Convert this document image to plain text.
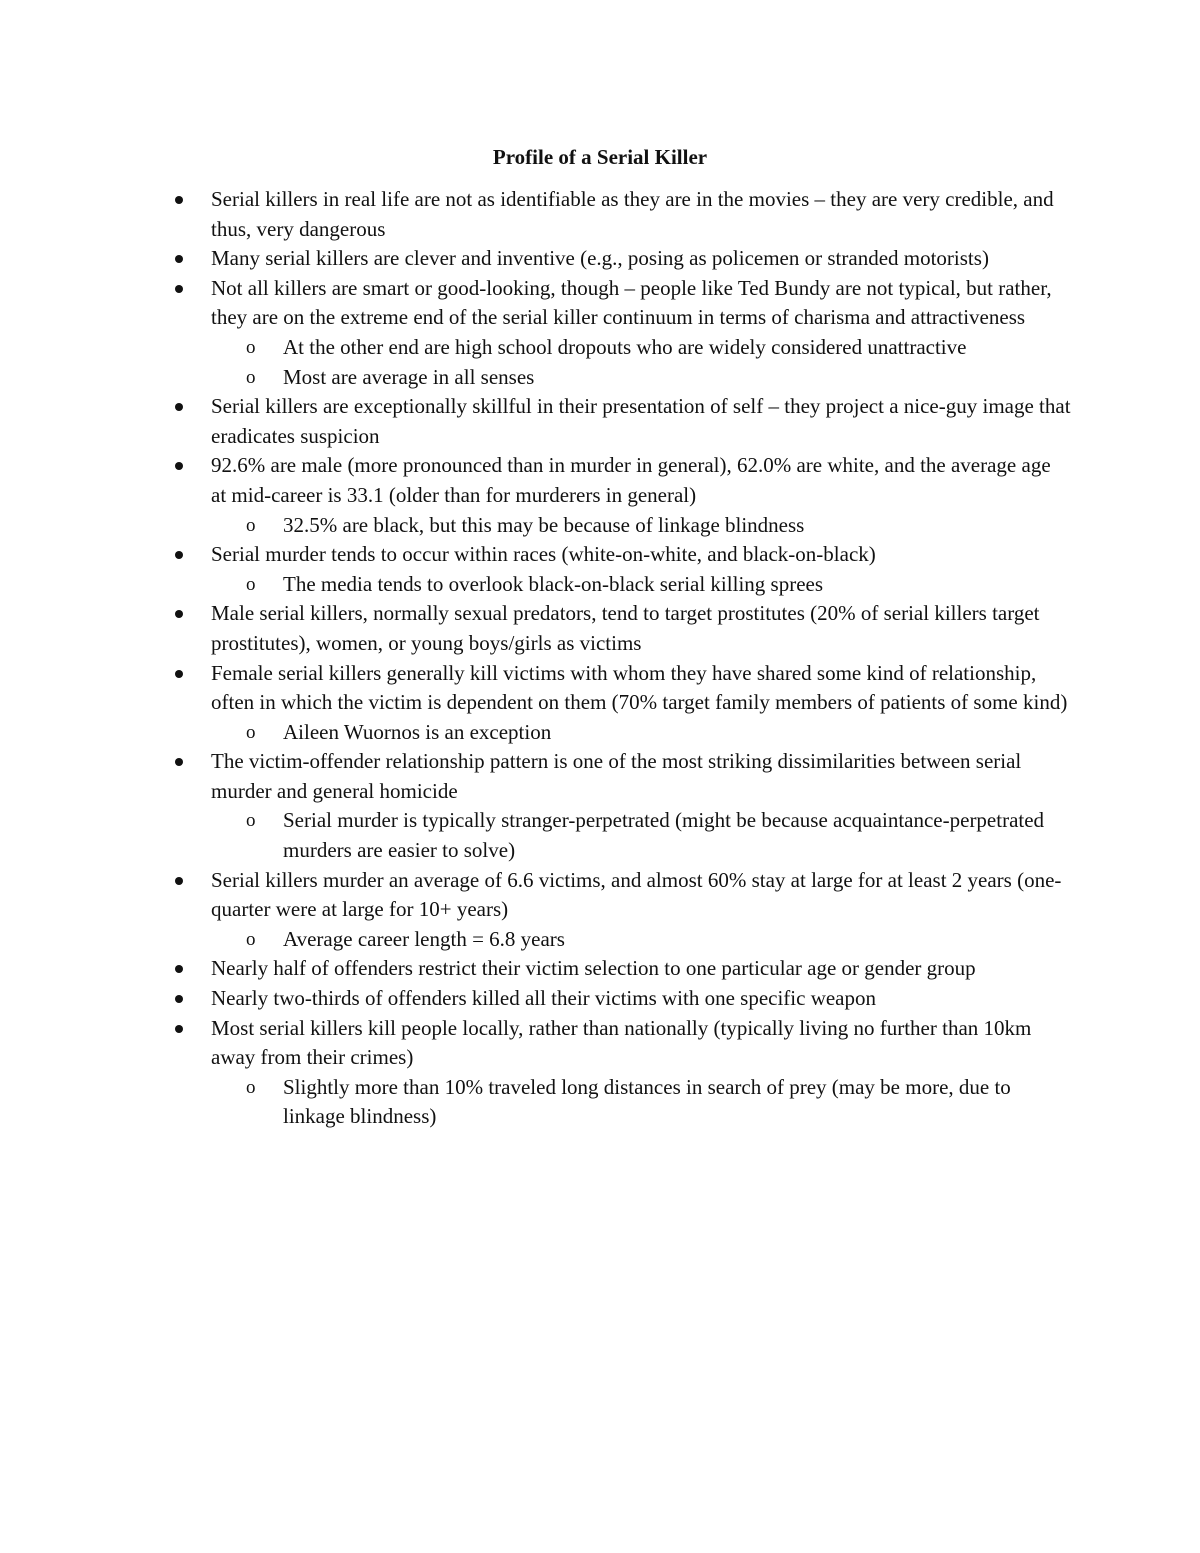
Profile of a Serial Killer
Serial killers in real life are not as identifiable as they are in the movies – they are very credible, and thus, very dangerous
Many serial killers are clever and inventive (e.g., posing as policemen or stranded motorists)
Not all killers are smart or good-looking, though – people like Ted Bundy are not typical, but rather, they are on the extreme end of the serial killer continuum in terms of charisma and attractiveness
o At the other end are high school dropouts who are widely considered unattractive
o Most are average in all senses
Serial killers are exceptionally skillful in their presentation of self – they project a nice-guy image that eradicates suspicion
92.6% are male (more pronounced than in murder in general), 62.0% are white, and the average age at mid-career is 33.1 (older than for murderers in general)
o 32.5% are black, but this may be because of linkage blindness
Serial murder tends to occur within races (white-on-white, and black-on-black)
o The media tends to overlook black-on-black serial killing sprees
Male serial killers, normally sexual predators, tend to target prostitutes (20% of serial killers target prostitutes), women, or young boys/girls as victims
Female serial killers generally kill victims with whom they have shared some kind of relationship, often in which the victim is dependent on them (70% target family members of patients of some kind)
o Aileen Wuornos is an exception
The victim-offender relationship pattern is one of the most striking dissimilarities between serial murder and general homicide
o Serial murder is typically stranger-perpetrated (might be because acquaintance-perpetrated murders are easier to solve)
Serial killers murder an average of 6.6 victims, and almost 60% stay at large for at least 2 years (one-quarter were at large for 10+ years)
o Average career length = 6.8 years
Nearly half of offenders restrict their victim selection to one particular age or gender group
Nearly two-thirds of offenders killed all their victims with one specific weapon
Most serial killers kill people locally, rather than nationally (typically living no further than 10km away from their crimes)
o Slightly more than 10% traveled long distances in search of prey (may be more, due to linkage blindness)
